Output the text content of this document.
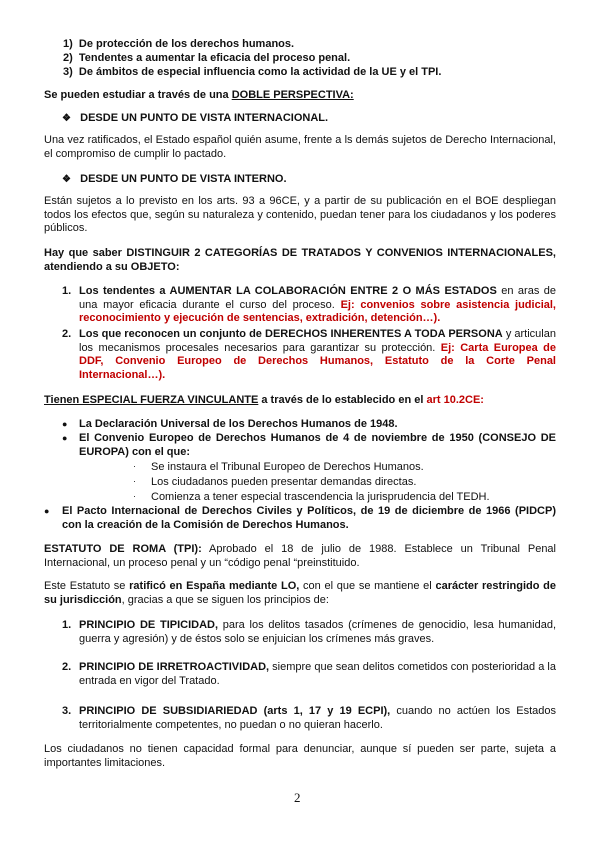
1) De protección de los derechos humanos.
2) Tendentes a aumentar la eficacia del proceso penal.
3) De ámbitos de especial influencia como la actividad de la UE y el TPI.
Se pueden estudiar a través de una DOBLE PERSPECTIVA:
❖ DESDE UN PUNTO DE VISTA INTERNACIONAL.
Una vez ratificados, el Estado español quién asume, frente a ls demás sujetos de Derecho Internacional, el compromiso de cumplir lo pactado.
❖ DESDE UN PUNTO DE VISTA INTERNO.
Están sujetos a lo previsto en los arts. 93 a 96CE, y a partir de su publicación en el BOE despliegan todos los efectos que, según su naturaleza y contenido, puedan tener para los ciudadanos y los poderes públicos.
Hay que saber DISTINGUIR 2 CATEGORÍAS DE TRATADOS Y CONVENIOS INTERNACIONALES, atendiendo a su OBJETO:
1. Los tendentes a AUMENTAR LA COLABORACIÓN ENTRE 2 O MÁS ESTADOS en aras de una mayor eficacia durante el curso del proceso. Ej: convenios sobre asistencia judicial, reconocimiento y ejecución de sentencias, extradición, detención…).
2. Los que reconocen un conjunto de DERECHOS INHERENTES A TODA PERSONA y articulan los mecanismos procesales necesarios para garantizar su protección. Ej: Carta Europea de DDF, Convenio Europeo de Derechos Humanos, Estatuto de la Corte Penal Internacional…).
Tienen ESPECIAL FUERZA VINCULANTE a través de lo establecido en el art 10.2CE:
● La Declaración Universal de los Derechos Humanos de 1948.
● El Convenio Europeo de Derechos Humanos de 4 de noviembre de 1950 (CONSEJO DE EUROPA) con el que:
· Se instaura el Tribunal Europeo de Derechos Humanos.
· Los ciudadanos pueden presentar demandas directas.
· Comienza a tener especial trascendencia la jurisprudencia del TEDH.
● El Pacto Internacional de Derechos Civiles y Políticos, de 19 de diciembre de 1966 (PIDCP) con la creación de la Comisión de Derechos Humanos.
ESTATUTO DE ROMA (TPI): Aprobado el 18 de julio de 1988. Establece un Tribunal Penal Internacional, un proceso penal y un “código penal “preinstituido.
Este Estatuto se ratificó en España mediante LO, con el que se mantiene el carácter restringido de su jurisdicción, gracias a que se siguen los principios de:
1. PRINCIPIO DE TIPICIDAD, para los delitos tasados (crímenes de genocidio, lesa humanidad, guerra y agresión) y de éstos solo se enjuician los crímenes más graves.
2. PRINCIPIO DE IRRETROACTIVIDAD, siempre que sean delitos cometidos con posterioridad a la entrada en vigor del Tratado.
3. PRINCIPIO DE SUBSIDIARIEDAD (arts 1, 17 y 19 ECPI), cuando no actúen los Estados territorialmente competentes, no puedan o no quieran hacerlo.
Los ciudadanos no tienen capacidad formal para denunciar, aunque sí pueden ser parte, sujeta a importantes limitaciones.
2
